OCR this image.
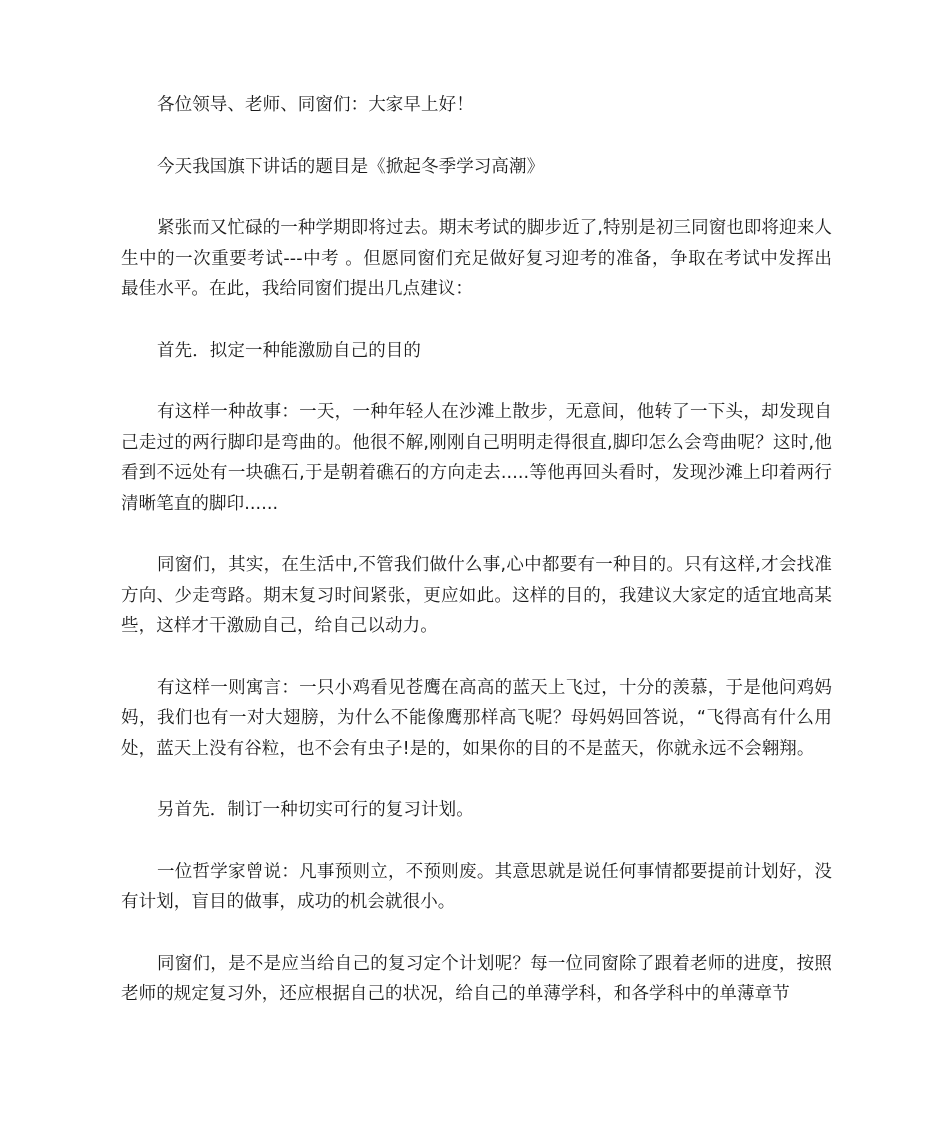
各位领导、老师、同窗们：大家早上好！

今天我国旗下讲话的题目是《掀起冬季学习高潮》

紧张而又忙碌的一种学期即将过去。期末考试的脚步近了,特别是初三同窗也即将迎来人生中的一次重要考试---中考 。但愿同窗们充足做好复习迎考的准备，争取在考试中发挥出最佳水平。在此，我给同窗们提出几点建议：

首先．拟定一种能激励自己的目的

有这样一种故事：一天，一种年轻人在沙滩上散步，无意间，他转了一下头，却发现自己走过的两行脚印是弯曲的。他很不解,刚刚自己明明走得很直,脚印怎么会弯曲呢？这时,他看到不远处有一块礁石,于是朝着礁石的方向走去.....等他再回头看时，发现沙滩上印着两行清晰笔直的脚印......

同窗们，其实，在生活中,不管我们做什么事,心中都要有一种目的。只有这样,才会找准方向、少走弯路。期末复习时间紧张，更应如此。这样的目的，我建议大家定的适宜地高某些，这样才干激励自己，给自己以动力。

有这样一则寓言：一只小鸡看见苍鹰在高高的蓝天上飞过，十分的羡慕，于是他问鸡妈妈，我们也有一对大翅膀，为什么不能像鹰那样高飞呢？母妈妈回答说，“飞得高有什么用处，蓝天上没有谷粒，也不会有虫子!是的，如果你的目的不是蓝天，你就永远不会翱翔。

另首先．制订一种切实可行的复习计划。

一位哲学家曾说：凡事预则立，不预则废。其意思就是说任何事情都要提前计划好，没有计划，盲目的做事，成功的机会就很小。

同窗们，是不是应当给自己的复习定个计划呢？每一位同窗除了跟着老师的进度，按照老师的规定复习外，还应根据自己的状况，给自己的单薄学科，和各学科中的单薄章节
